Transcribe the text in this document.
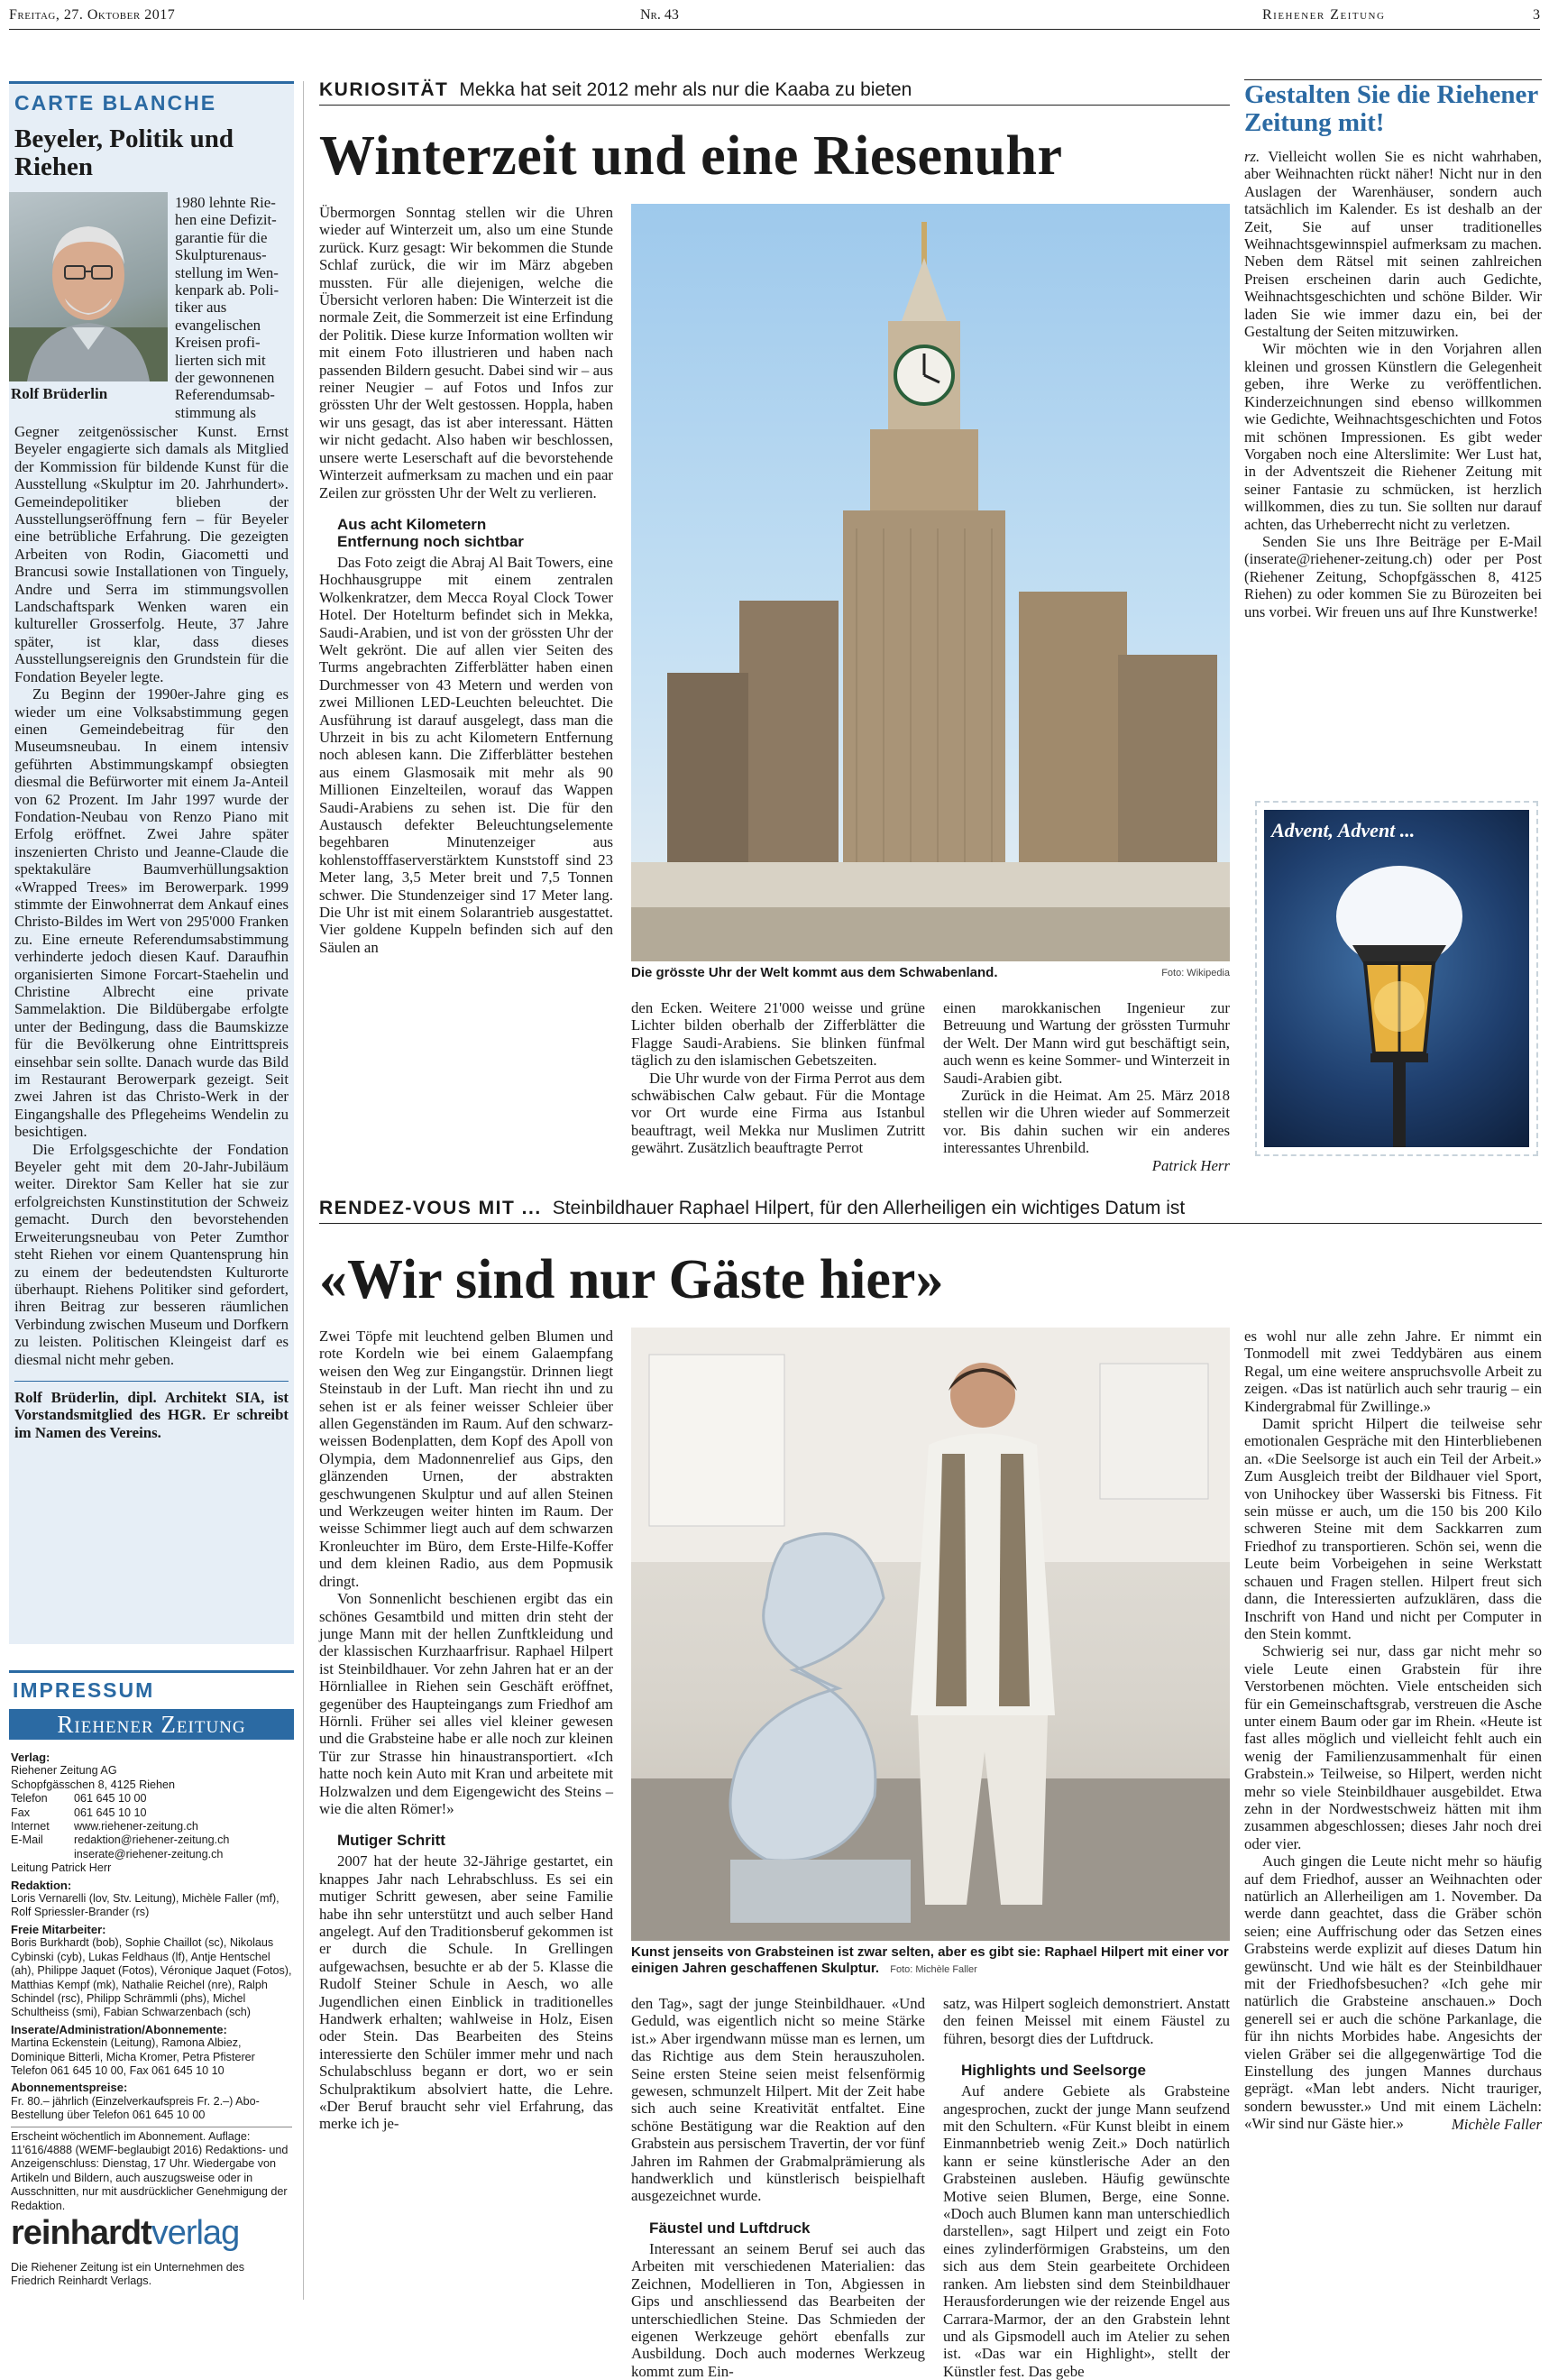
Freitag, 27. Oktober 2017	Nr. 43	Riehener Zeitung	3
CARTE BLANCHE
Beyeler, Politik und Riehen
Rolf Brüderlin
1980 lehnte Rie-
hen eine Defizit-
garantie für die
Skulpturenaus-
stellung im Wen-
kenpark ab. Poli-
tiker aus
evangelischen
Kreisen profi-
lierten sich mit
der gewonnenen
Referendumsab-
stimmung als

Gegner zeitgenössischer Kunst. Ernst Beyeler engagierte sich damals als Mitglied der Kommission für bildende Kunst für die Ausstellung «Skulptur im 20. Jahrhundert». Gemeindepolitiker blieben der Ausstellungseröffnung fern – für Beyeler eine betrübliche Erfahrung. Die gezeigten Arbeiten von Rodin, Giacometti und Brancusi sowie Installationen von Tinguely, Andre und Serra im stimmungsvollen Landschaftspark Wenken waren ein kultureller Grosserfolg. Heute, 37 Jahre später, ist klar, dass dieses Ausstellungsereignis den Grundstein für die Fondation Beyeler legte.

Zu Beginn der 1990er-Jahre ging es wieder um eine Volksabstimmung gegen einen Gemeindebeitrag für den Museumsneubau. In einem intensiv geführten Abstimmungskampf obsiegten diesmal die Befürworter mit einem Ja-Anteil von 62 Prozent. Im Jahr 1997 wurde der Fondation-Neubau von Renzo Piano mit Erfolg eröffnet. Zwei Jahre später inszenierten Christo und Jeanne-Claude die spektakuläre Baumverhüllungsaktion «Wrapped Trees» im Berowerpark. 1999 stimmte der Einwohnerrat dem Ankauf eines Christo-Bildes im Wert von 295'000 Franken zu. Eine erneute Referendumsabstimmung verhinderte jedoch diesen Kauf. Daraufhin organisierten Simone Forcart-Staehelin und Christine Albrecht eine private Sammelaktion. Die Bildübergabe erfolgte unter der Bedingung, dass die Baumskizze für die Bevölkerung ohne Eintrittspreis einsehbar sein sollte. Danach wurde das Bild im Restaurant Berowerpark gezeigt. Seit zwei Jahren ist das Christo-Werk in der Eingangshalle des Pflegeheims Wendelin zu besichtigen.

Die Erfolgsgeschichte der Fondation Beyeler geht mit dem 20-Jahr-Jubiläum weiter. Direktor Sam Keller hat sie zur erfolgreichsten Kunstinstitution der Schweiz gemacht. Durch den bevorstehenden Erweiterungsneubau von Peter Zumthor steht Riehen vor einem Quantensprung hin zu einem der bedeutendsten Kulturorte überhaupt. Riehens Politiker sind gefordert, ihren Beitrag zur besseren räumlichen Verbindung zwischen Museum und Dorfkern zu leisten. Politischen Kleingeist darf es diesmal nicht mehr geben.

Rolf Brüderlin, dipl. Architekt SIA, ist Vorstandsmitglied des HGR. Er schreibt im Namen des Vereins.

IMPRESSUM
Riehener Zeitung
Verlag:
Riehener Zeitung AG
Schopfgässchen 8, 4125 Riehen
Telefon 061 645 10 00
Fax	061 645 10 10
Internet www.riehener-zeitung.ch
E-Mail	redaktion@riehener-zeitung.ch
inserate@riehener-zeitung.ch
Leitung Patrick Herr
Redaktion:
Loris Vernarelli (lov, Stv. Leitung), Michèle Faller (mf), Rolf Spriessler-Brander (rs)
Freie Mitarbeiter:
Boris Burkhardt (bob), Sophie Chaillot (sc), Nikolaus Cybinski (cyb), Lukas Feldhaus (lf), Antje Hentschel (ah), Philippe Jaquet (Fotos), Véronique Jaquet (Fotos), Matthias Kempf (mk), Nathalie Reichel (nre), Ralph Schindel (rsc), Philipp Schrämmli (phs), Michel Schultheiss (smi), Fabian Schwarzenbach (sch)
Inserate/Administration/Abonnemente:
Martina Eckenstein (Leitung), Ramona Albiez, Dominique Bitterli, Micha Kromer, Petra Pfisterer Telefon 061 645 10 00, Fax 061 645 10 10
Abonnementspreise:
Fr. 80.– jährlich (Einzelverkaufspreis Fr. 2.–) Abo-Bestellung über Telefon 061 645 10 00
Erscheint wöchentlich im Abonnement. Auflage: 11'616/4888 (WEMF-beglaubigt 2016) Redaktions- und Anzeigenschluss: Dienstag, 17 Uhr. Wiedergabe von Artikeln und Bildern, auch auszugsweise oder in Ausschnitten, nur mit ausdrücklicher Genehmigung der Redaktion.
reinhardtverlag
Die Riehener Zeitung ist ein Unternehmen des Friedrich Reinhardt Verlags.
KURIOSITÄT Mekka hat seit 2012 mehr als nur die Kaaba zu bieten
Winterzeit und eine Riesenuhr

Übermorgen Sonntag stellen wir die Uhren wieder auf Winterzeit um, also um eine Stunde zurück. Kurz gesagt: Wir bekommen die Stunde Schlaf zurück, die wir im März abgeben mussten. Für alle diejenigen, welche die Übersicht verloren haben: Die Winterzeit ist die normale Zeit, die Sommerzeit ist eine Erfindung der Politik. Diese kurze Information wollten wir mit einem Foto illustrieren und haben nach passenden Bildern gesucht. Dabei sind wir – aus reiner Neugier – auf Fotos und Infos zur grössten Uhr der Welt gestossen. Hoppla, haben wir uns gesagt, das ist aber interessant. Hätten wir nicht gedacht. Also haben wir beschlossen, unsere werte Leserschaft auf die bevorstehende Winterzeit aufmerksam zu machen und ein paar Zeilen zur grössten Uhr der Welt zu verlieren.

Aus acht Kilometern
Entfernung noch sichtbar

Das Foto zeigt die Abraj Al Bait Towers, eine Hochhausgruppe mit einem zentralen Wolkenkratzer, dem Mecca Royal Clock Tower Hotel. Der Hotelturm befindet sich in Mekka, Saudi-Arabien, und ist von der grössten Uhr der Welt gekrönt. Die auf allen vier Seiten des Turms angebrachten Zifferblätter haben einen Durchmesser von 43 Metern und werden von zwei Millionen LED-Leuchten beleuchtet. Die Ausführung ist darauf ausgelegt, dass man die Uhrzeit in bis zu acht Kilometern Entfernung noch ablesen kann. Die Zifferblätter bestehen aus einem Glasmosaik mit mehr als 90 Millionen Einzelteilen, worauf das Wappen Saudi-Arabiens zu sehen ist. Die für den Austausch defekter Beleuchtungselemente begehbaren Minutenzeiger aus kohlenstofffaserverstärktem Kunststoff sind 23 Meter lang, 3,5 Meter breit und 7,5 Tonnen schwer. Die Stundenzeiger sind 17 Meter lang. Die Uhr ist mit einem Solarantrieb ausgestattet. Vier goldene Kuppeln befinden sich auf den Säulen an

Die grösste Uhr der Welt kommt aus dem Schwabenland.	Foto: Wikipedia

den Ecken. Weitere 21'000 weisse und grüne Lichter bilden oberhalb der Zifferblätter die Flagge Saudi-Arabiens. Sie blinken fünfmal täglich zu den islamischen Gebetszeiten.

Die Uhr wurde von der Firma Perrot aus dem schwäbischen Calw gebaut. Für die Montage vor Ort wurde eine Firma aus Istanbul beauftragt, weil Mekka nur Muslimen Zutritt gewährt. Zusätzlich beauftragte Perrot

einen marokkanischen Ingenieur zur Betreuung und Wartung der grössten Turmuhr der Welt. Der Mann wird gut beschäftigt sein, auch wenn es keine Sommer- und Winterzeit in Saudi-Arabien gibt.

Zurück in die Heimat. Am 25. März 2018 stellen wir die Uhren wieder auf Sommerzeit vor. Bis dahin suchen wir ein anderes interessantes Uhrenbild.

Patrick Herr
Gestalten Sie die Riehener Zeitung mit!

rz. Vielleicht wollen Sie es nicht wahrhaben, aber Weihnachten rückt näher! Nicht nur in den Auslagen der Warenhäuser, sondern auch tatsächlich im Kalender. Es ist deshalb an der Zeit, Sie auf unser traditionelles Weihnachtsgewinnspiel aufmerksam zu machen. Neben dem Rätsel mit seinen zahlreichen Preisen erscheinen darin auch Gedichte, Weihnachtsgeschichten und schöne Bilder. Wir laden Sie wie immer dazu ein, bei der Gestaltung der Seiten mitzuwirken.

Wir möchten wie in den Vorjahren allen kleinen und grossen Künstlern die Gelegenheit geben, ihre Werke zu veröffentlichen. Kinderzeichnungen sind ebenso willkommen wie Gedichte, Weihnachtsgeschichten und Fotos mit schönen Impressionen. Es gibt weder Vorgaben noch eine Alterslimite: Wer Lust hat, in der Adventszeit die Riehener Zeitung mit seiner Fantasie zu schmücken, ist herzlich willkommen, dies zu tun. Sie sollten nur darauf achten, das Urheberrecht nicht zu verletzen.

Senden Sie uns Ihre Beiträge per E-Mail (inserate@riehener-zeitung.ch) oder per Post (Riehener Zeitung, Schopfgässchen 8, 4125 Riehen) zu oder kommen Sie zu Bürozeiten bei uns vorbei. Wir freuen uns auf Ihre Kunstwerke!

Advent, Advent ...
RENDEZ-VOUS MIT ... Steinbildhauer Raphael Hilpert, für den Allerheiligen ein wichtiges Datum ist
«Wir sind nur Gäste hier»

Zwei Töpfe mit leuchtend gelben Blumen und rote Kordeln wie bei einem Galaempfang weisen den Weg zur Eingangstür. Drinnen liegt Steinstaub in der Luft. Man riecht ihn und zu sehen ist er als feiner weisser Schleier über allen Gegenständen im Raum. Auf den schwarz-weissen Bodenplatten, dem Kopf des Apoll von Olympia, dem Madonnenrelief aus Gips, den glänzenden Urnen, der abstrakten geschwungenen Skulptur und auf allen Steinen und Werkzeugen weiter hinten im Raum. Der weisse Schimmer liegt auch auf dem schwarzen Kronleuchter im Büro, dem Erste-Hilfe-Koffer und dem kleinen Radio, aus dem Popmusik dringt.

Von Sonnenlicht beschienen ergibt das ein schönes Gesamtbild und mitten drin steht der junge Mann mit der hellen Zunftkleidung und der klassischen Kurzhaarfrisur. Raphael Hilpert ist Steinbildhauer. Vor zehn Jahren hat er an der Hörnliallee in Riehen sein Geschäft eröffnet, gegenüber des Haupteingangs zum Friedhof am Hörnli. Früher sei alles viel kleiner gewesen und die Grabsteine habe er alle noch zur kleinen Tür zur Strasse hin hinaustransportiert. «Ich hatte noch kein Auto mit Kran und arbeitete mit Holzwalzen und dem Eigengewicht des Steins – wie die alten Römer!»

Mutiger Schritt

2007 hat der heute 32-Jährige gestartet, ein knappes Jahr nach Lehrabschluss. Es sei ein mutiger Schritt gewesen, aber seine Familie habe ihn sehr unterstützt und auch selber Hand angelegt. Auf den Traditionsberuf gekommen ist er durch die Schule. In Grellingen aufgewachsen, besuchte er ab der 5. Klasse die Rudolf Steiner Schule in Aesch, wo alle Jugendlichen einen Einblick in traditionelles Handwerk erhalten; wahlweise in Holz, Eisen oder Stein. Das Bearbeiten des Steins interessierte den Schüler immer mehr und nach Schulabschluss begann er dort, wo er sein Schulpraktikum absolviert hatte, die Lehre. «Der Beruf braucht sehr viel Erfahrung, das merke ich je-

Kunst jenseits von Grabsteinen ist zwar selten, aber es gibt sie: Raphael Hilpert mit einer vor einigen Jahren geschaffenen Skulptur. Foto: Michèle Faller

den Tag», sagt der junge Steinbildhauer. «Und Geduld, was eigentlich nicht so meine Stärke ist.» Aber irgendwann müsse man es lernen, um das Richtige aus dem Stein herauszuholen. Seine ersten Steine seien meist felsenförmig gewesen, schmunzelt Hilpert. Mit der Zeit habe sich auch seine Kreativität entfaltet. Eine schöne Bestätigung war die Reaktion auf den Grabstein aus persischem Travertin, der vor fünf Jahren im Rahmen der Grabmalprämierung als handwerklich und künstlerisch beispielhaft ausgezeichnet wurde.

Fäustel und Luftdruck

Interessant an seinem Beruf sei auch das Arbeiten mit verschiedenen Materialien: das Zeichnen, Modellieren in Ton, Abgiessen in Gips und anschliessend das Bearbeiten der unterschiedlichen Steine. Das Schmieden der eigenen Werkzeuge gehört ebenfalls zur Ausbildung. Doch auch modernes Werkzeug kommt zum Ein-

satz, was Hilpert sogleich demonstriert. Anstatt den feinen Meissel mit einem Fäustel zu führen, besorgt dies der Luftdruck.

Highlights und Seelsorge

Auf andere Gebiete als Grabsteine angesprochen, zuckt der junge Mann seufzend mit den Schultern. «Für Kunst bleibt in einem Einmannbetrieb wenig Zeit.» Doch natürlich kann er seine künstlerische Ader an den Grabsteinen ausleben. Häufig gewünschte Motive seien Blumen, Berge, eine Sonne. «Doch auch Blumen kann man unterschiedlich darstellen», sagt Hilpert und zeigt ein Foto eines zylinderförmigen Grabsteins, um den sich aus dem Stein gearbeitete Orchideen ranken. Am liebsten sind dem Steinbildhauer Herausforderungen wie der reizende Engel aus Carrara-Marmor, der an den Grabstein lehnt und als Gipsmodell auch im Atelier zu sehen ist. «Das war ein Highlight», stellt der Künstler fest. Das gebe

es wohl nur alle zehn Jahre. Er nimmt ein Tonmodell mit zwei Teddybären aus einem Regal, um eine weitere anspruchsvolle Arbeit zu zeigen. «Das ist natürlich auch sehr traurig – ein Kindergrabmal für Zwillinge.»

Damit spricht Hilpert die teilweise sehr emotionalen Gespräche mit den Hinterbliebenen an. «Die Seelsorge ist auch ein Teil der Arbeit.» Zum Ausgleich treibt der Bildhauer viel Sport, von Unihockey über Wasserski bis Fitness. Fit sein müsse er auch, um die 150 bis 200 Kilo schweren Steine mit dem Sackkarren zum Friedhof zu transportieren. Schön sei, wenn die Leute beim Vorbeigehen in seine Werkstatt schauen und Fragen stellen. Hilpert freut sich dann, die Interessierten aufzuklären, dass die Inschrift von Hand und nicht per Computer in den Stein kommt.

Schwierig sei nur, dass gar nicht mehr so viele Leute einen Grabstein für ihre Verstorbenen möchten. Viele entscheiden sich für ein Gemeinschaftsgrab, verstreuen die Asche unter einem Baum oder gar im Rhein. «Heute ist fast alles möglich und vielleicht fehlt auch ein wenig der Familienzusammenhalt für einen Grabstein.» Teilweise, so Hilpert, werden nicht mehr so viele Steinbildhauer ausgebildet. Etwa zehn in der Nordwestschweiz hätten mit ihm zusammen abgeschlossen; dieses Jahr noch drei oder vier.

Auch gingen die Leute nicht mehr so häufig auf dem Friedhof, ausser an Weihnachten oder natürlich an Allerheiligen am 1. November. Da werde dann geachtet, dass die Gräber schön seien; eine Auffrischung oder das Setzen eines Grabsteins werde explizit auf dieses Datum hin gewünscht. Und wie hält es der Steinbildhauer mit der Friedhofsbesuchen? «Ich gehe mir natürlich die Grabsteine anschauen.» Doch generell sei er auch die schöne Parkanlage, die für ihn nichts Morbides habe. Angesichts der vielen Gräber sei die allgegenwärtige Tod die Einstellung des jungen Mannes durchaus geprägt. «Man lebt anders. Nicht trauriger, sondern bewusster.» Und mit einem Lächeln: «Wir sind nur Gäste hier.»	Michèle Faller
